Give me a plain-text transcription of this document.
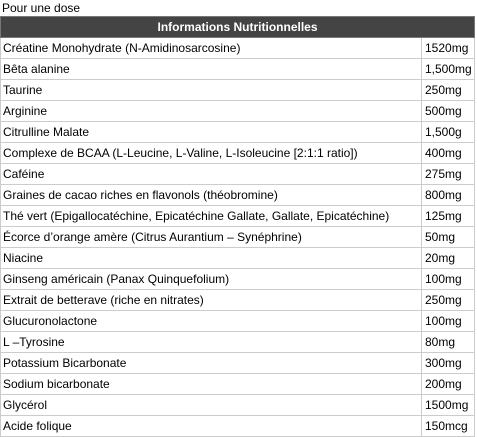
Pour une dose
Informations Nutritionnelles	
Créatine Monohydrate (N-Amidinosarcosine)	1520mg
Bêta alanine	1,500mg
Taurine	250mg
Arginine	500mg
Citrulline Malate	1,500g
Complexe de BCAA (L-Leucine, L-Valine, L-Isoleucine [2:1:1 ratio])	400mg
Caféine	275mg
Graines de cacao riches en flavonols (théobromine)	800mg
Thé vert (Epigallocatéchine, Epicatéchine Gallate, Gallate, Epicatéchine)	125mg
Écorce d’orange amère (Citrus Aurantium – Synéphrine)	50mg
Niacine	20mg
Ginseng américain (Panax Quinquefolium)	100mg
Extrait de betterave (riche en nitrates)	250mg
Glucuronolactone	100mg
L –Tyrosine	80mg
Potassium Bicarbonate	300mg
Sodium bicarbonate	200mg
Glycérol	1500mg
Acide folique	150mcg
